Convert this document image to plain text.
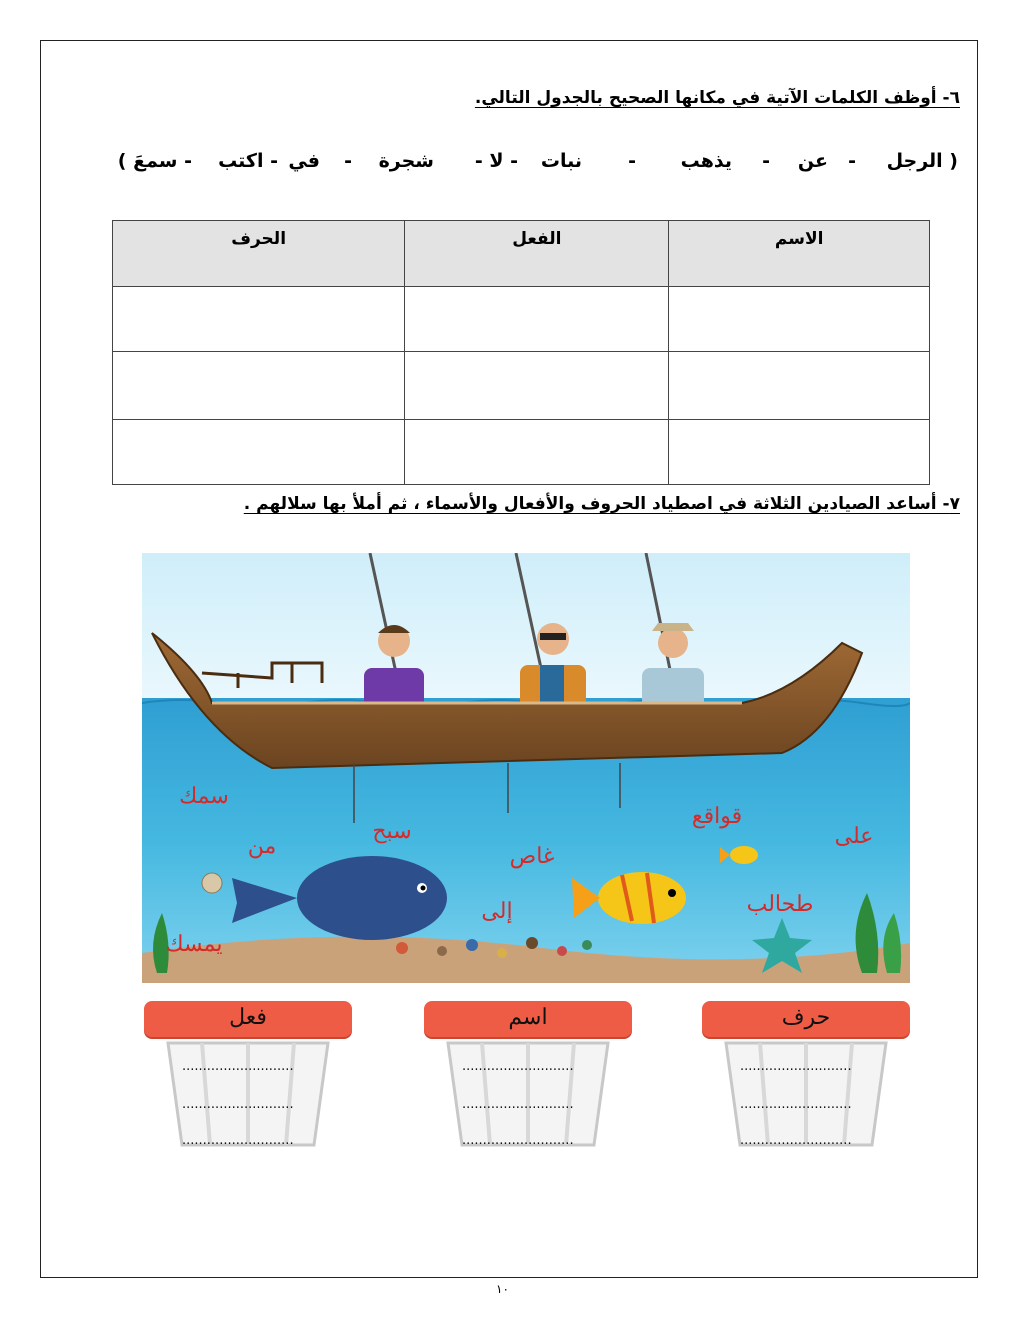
٦- أوظف الكلمات الآتية في مكانها الصحيح بالجدول التالي.
( الرجل
-
عن
-
يذهب
-
نبات
- لا -
شجرة
-
في
- اكتب
- سمعَ )
الاسم	الفعل	الحرف

٧- أساعد الصيادين الثلاثة في اصطياد الحروف والأفعال والأسماء ، ثم أملأ بها سلالهم .
سمك
من
سبح
غاص
قواقع
على
إلى	طحالب
يمسك
فعل
...........................
...........................
...........................
اسم
...........................
...........................
...........................
حرف
...........................
...........................
...........................
١٠
